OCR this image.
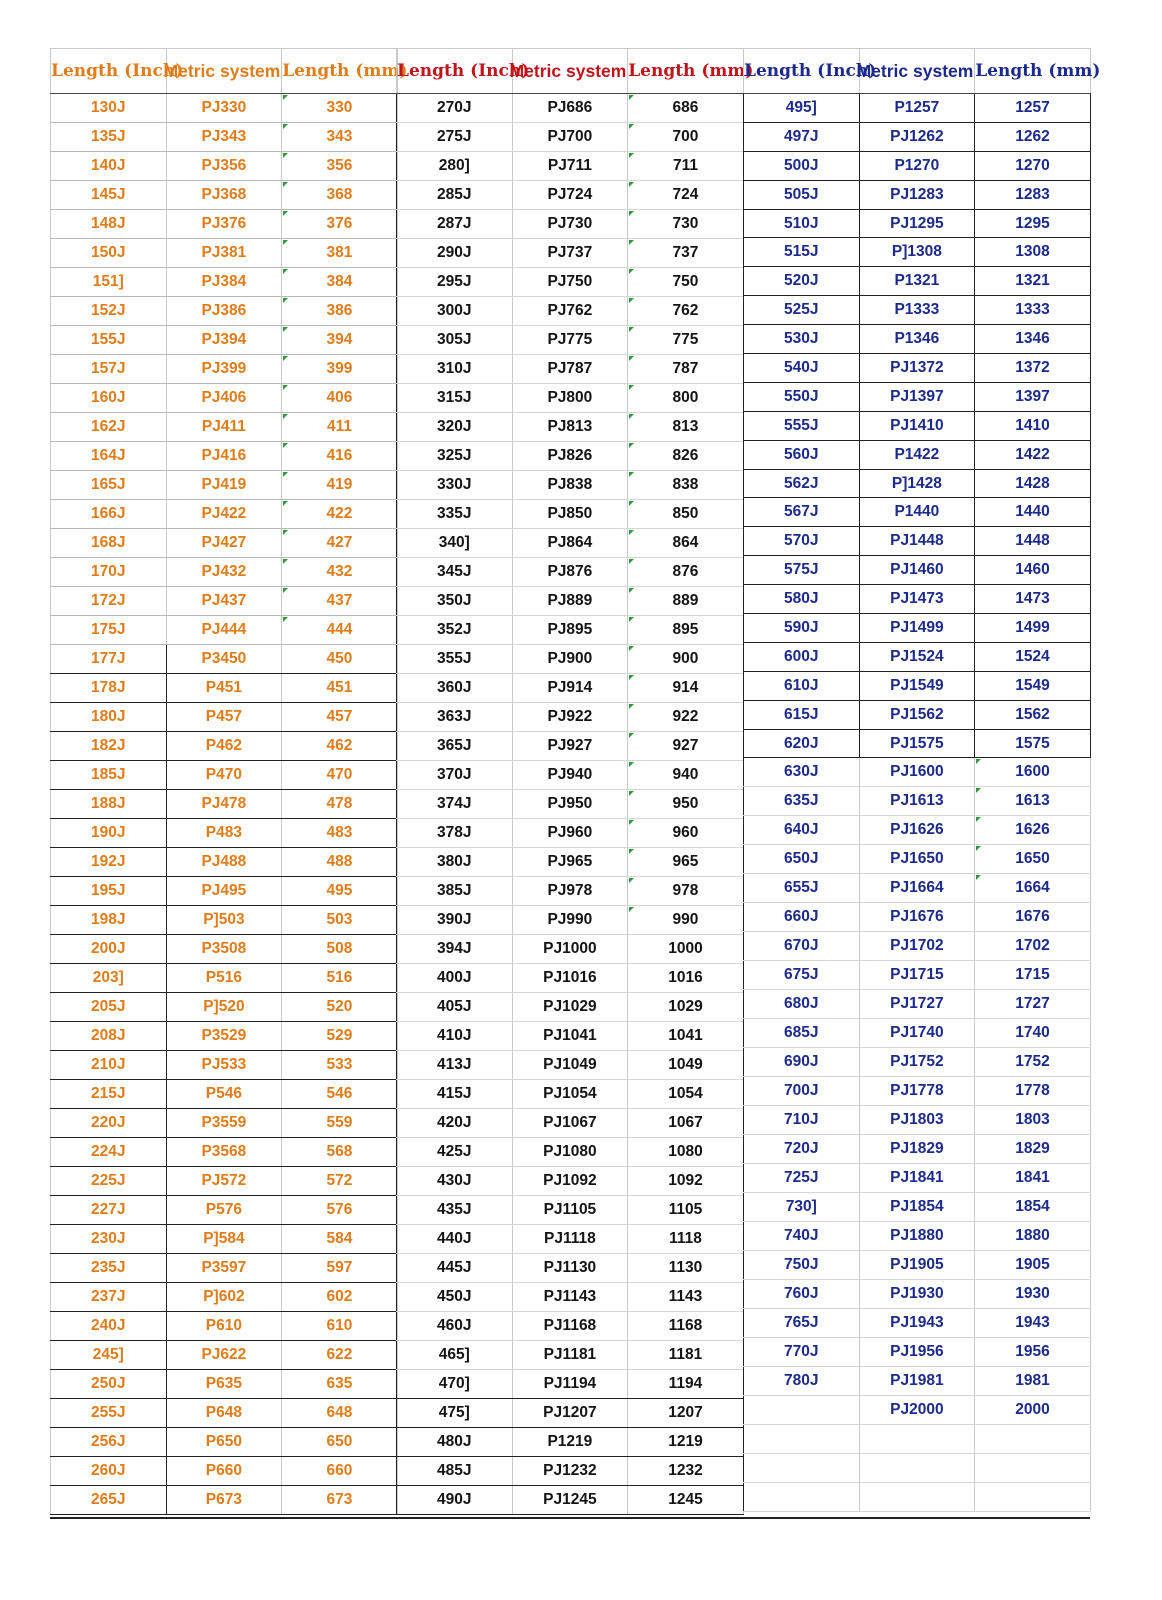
Length (Inch)	Metric system	Length (mm)
130J	PJ330	330
135J	PJ343	343
140J	PJ356	356
145J	PJ368	368
148J	PJ376	376
150J	PJ381	381
151]	PJ384	384
152J	PJ386	386
155J	PJ394	394
157J	PJ399	399
160J	PJ406	406
162J	PJ411	411
164J	PJ416	416
165J	PJ419	419
166J	PJ422	422
168J	PJ427	427
170J	PJ432	432
172J	PJ437	437
175J	PJ444	444
177J	P3450	450
178J	P451	451
180J	P457	457
182J	P462	462
185J	P470	470
188J	PJ478	478
190J	P483	483
192J	PJ488	488
195J	PJ495	495
198J	P]503	503
200J	P3508	508
203]	P516	516
205J	P]520	520
208J	P3529	529
210J	PJ533	533
215J	P546	546
220J	P3559	559
224J	P3568	568
225J	PJ572	572
227J	P576	576
230J	P]584	584
235J	P3597	597
237J	P]602	602
240J	P610	610
245]	PJ622	622
250J	P635	635
255J	P648	648
256J	P650	650
260J	P660	660
265J	P673	673
Length (Inch)	Metric system	Length (mm)
270J	PJ686	686
275J	PJ700	700
280]	PJ711	711
285J	PJ724	724
287J	PJ730	730
290J	PJ737	737
295J	PJ750	750
300J	PJ762	762
305J	PJ775	775
310J	PJ787	787
315J	PJ800	800
320J	PJ813	813
325J	PJ826	826
330J	PJ838	838
335J	PJ850	850
340]	PJ864	864
345J	PJ876	876
350J	PJ889	889
352J	PJ895	895
355J	PJ900	900
360J	PJ914	914
363J	PJ922	922
365J	PJ927	927
370J	PJ940	940
374J	PJ950	950
378J	PJ960	960
380J	PJ965	965
385J	PJ978	978
390J	PJ990	990
394J	PJ1000	1000
400J	PJ1016	1016
405J	PJ1029	1029
410J	PJ1041	1041
413J	PJ1049	1049
415J	PJ1054	1054
420J	PJ1067	1067
425J	PJ1080	1080
430J	PJ1092	1092
435J	PJ1105	1105
440J	PJ1118	1118
445J	PJ1130	1130
450J	PJ1143	1143
460J	PJ1168	1168
465]	PJ1181	1181
470]	PJ1194	1194
475]	PJ1207	1207
480J	P1219	1219
485J	PJ1232	1232
490J	PJ1245	1245
Length (Inch)	Metric system	Length (mm)
495]	P1257	1257
497J	PJ1262	1262
500J	P1270	1270
505J	PJ1283	1283
510J	PJ1295	1295
515J	P]1308	1308
520J	P1321	1321
525J	P1333	1333
530J	P1346	1346
540J	PJ1372	1372
550J	PJ1397	1397
555J	PJ1410	1410
560J	P1422	1422
562J	P]1428	1428
567J	P1440	1440
570J	PJ1448	1448
575J	PJ1460	1460
580J	PJ1473	1473
590J	PJ1499	1499
600J	PJ1524	1524
610J	PJ1549	1549
615J	PJ1562	1562
620J	PJ1575	1575
630J	PJ1600	1600
635J	PJ1613	1613
640J	PJ1626	1626
650J	PJ1650	1650
655J	PJ1664	1664
660J	PJ1676	1676
670J	PJ1702	1702
675J	PJ1715	1715
680J	PJ1727	1727
685J	PJ1740	1740
690J	PJ1752	1752
700J	PJ1778	1778
710J	PJ1803	1803
720J	PJ1829	1829
725J	PJ1841	1841
730]	PJ1854	1854
740J	PJ1880	1880
750J	PJ1905	1905
760J	PJ1930	1930
765J	PJ1943	1943
770J	PJ1956	1956
780J	PJ1981	1981
	PJ2000	2000
